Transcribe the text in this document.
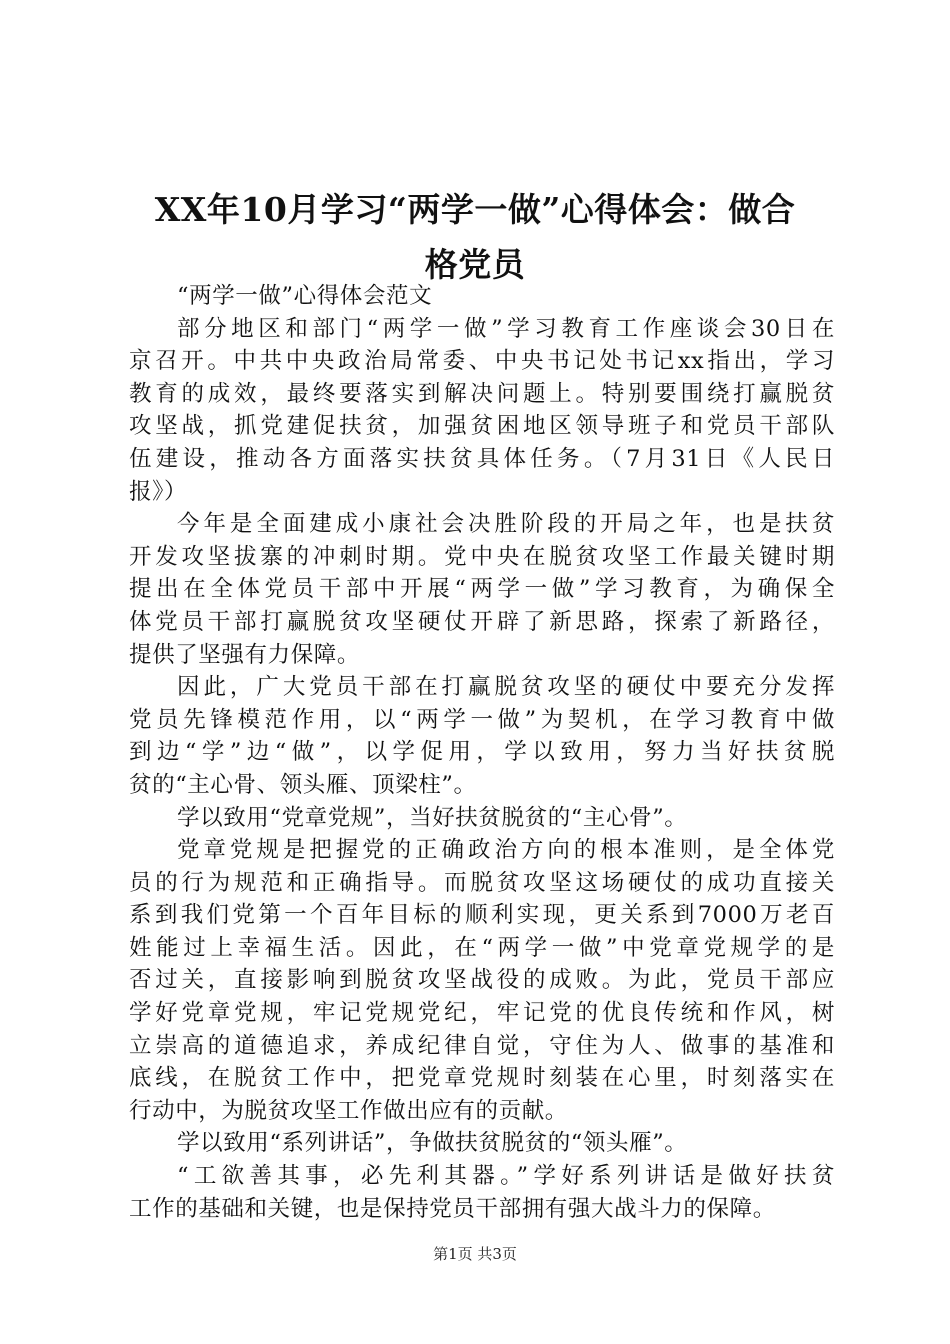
XX年10月学习“两学一做”心得体会：做合
格党员
“两学一做”心得体会范文
部分地区和部门“两学一做”学习教育工作座谈会30日在
京召开。中共中央政治局常委、中央书记处书记xx指出，学习
教育的成效，最终要落实到解决问题上。特别要围绕打赢脱贫
攻坚战，抓党建促扶贫，加强贫困地区领导班子和党员干部队
伍建设，推动各方面落实扶贫具体任务。（7月31日《人民日
报》）
今年是全面建成小康社会决胜阶段的开局之年，也是扶贫
开发攻坚拔寨的冲刺时期。党中央在脱贫攻坚工作最关键时期
提出在全体党员干部中开展“两学一做”学习教育，为确保全
体党员干部打赢脱贫攻坚硬仗开辟了新思路，探索了新路径，
提供了坚强有力保障。
因此，广大党员干部在打赢脱贫攻坚的硬仗中要充分发挥
党员先锋模范作用，以“两学一做”为契机，在学习教育中做
到边“学”边“做”，以学促用，学以致用，努力当好扶贫脱
贫的“主心骨、领头雁、顶梁柱”。
学以致用“党章党规”，当好扶贫脱贫的“主心骨”。
党章党规是把握党的正确政治方向的根本准则，是全体党
员的行为规范和正确指导。而脱贫攻坚这场硬仗的成功直接关
系到我们党第一个百年目标的顺利实现，更关系到7000万老百
姓能过上幸福生活。因此，在“两学一做”中党章党规学的是
否过关，直接影响到脱贫攻坚战役的成败。为此，党员干部应
学好党章党规，牢记党规党纪，牢记党的优良传统和作风，树
立崇高的道德追求，养成纪律自觉，守住为人、做事的基准和
底线，在脱贫工作中，把党章党规时刻装在心里，时刻落实在
行动中，为脱贫攻坚工作做出应有的贡献。
学以致用“系列讲话”，争做扶贫脱贫的“领头雁”。
“工欲善其事，必先利其器。”学好系列讲话是做好扶贫
工作的基础和关键，也是保持党员干部拥有强大战斗力的保障。
第1页 共3页
